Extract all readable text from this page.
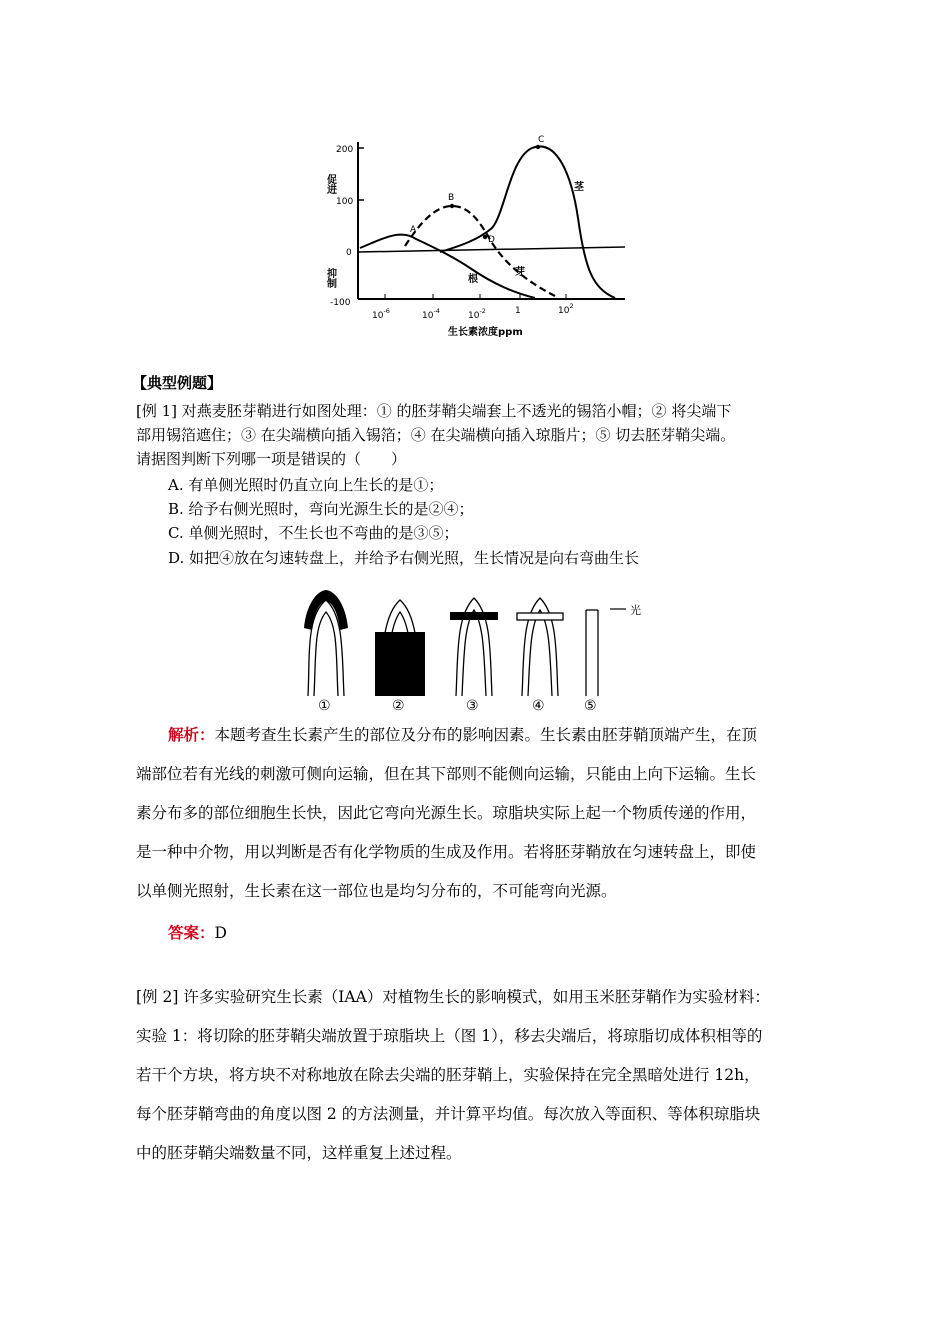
200
100
0
-100
促进
抑制
$10^{-6}$	$10^{-4}$	$10^{-2}$	1	$10^2$
生长素浓度ppm
A
B
C
D
茎
根
芽
【典型例题】
[例 1] 对燕麦胚芽鞘进行如图处理：① 的胚芽鞘尖端套上不透光的锡箔小帽；② 将尖端下
部用锡箔遮住；③ 在尖端横向插入锡箔；④ 在尖端横向插入琼脂片；⑤ 切去胚芽鞘尖端。
请据图判断下列哪一项是错误的（　　）
A. 有单侧光照时仍直立向上生长的是①；
B. 给予右侧光照时，弯向光源生长的是②④；
C. 单侧光照时，不生长也不弯曲的是③⑤；
D. 如把④放在匀速转盘上，并给予右侧光照，生长情况是向右弯曲生长
光
①	②	③	④	⑤
解析：本题考查生长素产生的部位及分布的影响因素。生长素由胚芽鞘顶端产生，在顶
端部位若有光线的刺激可侧向运输，但在其下部则不能侧向运输，只能由上向下运输。生长
素分布多的部位细胞生长快，因此它弯向光源生长。琼脂块实际上起一个物质传递的作用，
是一种中介物，用以判断是否有化学物质的生成及作用。若将胚芽鞘放在匀速转盘上，即使
以单侧光照射，生长素在这一部位也是均匀分布的，不可能弯向光源。
答案：D
[例 2] 许多实验研究生长素（IAA）对植物生长的影响模式，如用玉米胚芽鞘作为实验材料：
实验 1：将切除的胚芽鞘尖端放置于琼脂块上（图 1），移去尖端后，将琼脂切成体积相等的
若干个方块，将方块不对称地放在除去尖端的胚芽鞘上，实验保持在完全黑暗处进行 12h，
每个胚芽鞘弯曲的角度以图 2 的方法测量，并计算平均值。每次放入等面积、等体积琼脂块
中的胚芽鞘尖端数量不同，这样重复上述过程。
